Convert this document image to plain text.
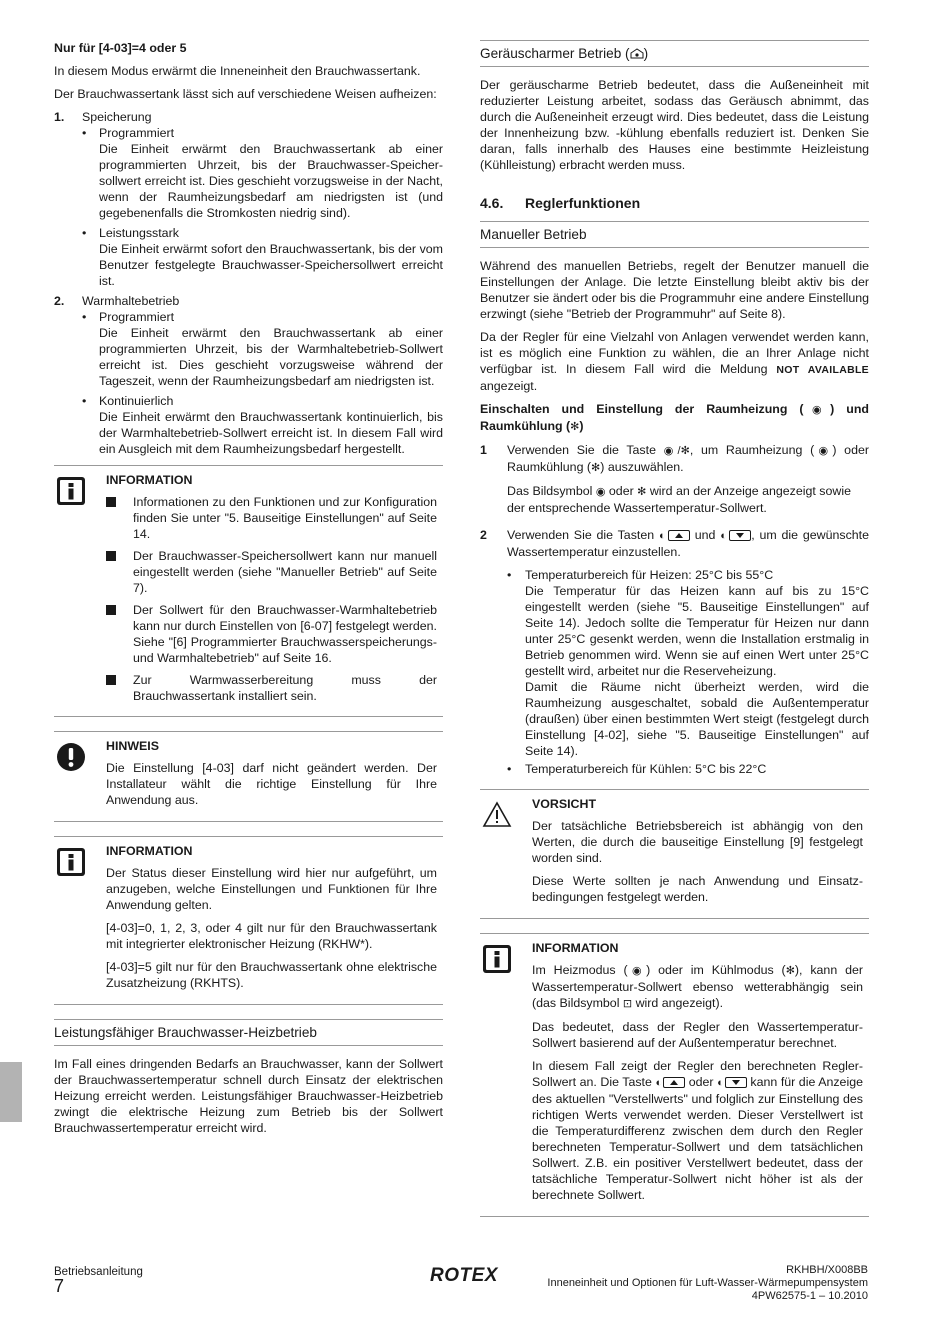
Nur für [4-03]=4 oder 5

In diesem Modus erwärmt die Inneneinheit den Brauchwassertank.

Der Brauchwassertank lässt sich auf verschiedene Weisen aufheizen:

1.	Speicherung
•	Programmiert
Die Einheit erwärmt den Brauchwassertank ab einer programmierten Uhrzeit, bis der Brauchwasser-Speicher-sollwert erreicht ist. Dies geschieht vorzugsweise in der Nacht, wenn der Raumheizungsbedarf am niedrigsten ist (und gegebenenfalls die Stromkosten niedrig sind).
•	Leistungsstark
Die Einheit erwärmt sofort den Brauchwassertank, bis der vom Benutzer festgelegte Brauchwasser-Speichersollwert erreicht ist.
2.	Warmhaltebetrieb
•	Programmiert
Die Einheit erwärmt den Brauchwassertank ab einer programmierten Uhrzeit, bis der Warmhaltebetrieb-Sollwert erreicht ist. Dies geschieht vorzugsweise während der Tageszeit, wenn der Raumheizungsbedarf am niedrigsten ist.
•	Kontinuierlich
Die Einheit erwärmt den Brauchwassertank kontinuierlich, bis der Warmhaltebetrieb-Sollwert erreicht ist. In diesem Fall wird ein Ausgleich mit dem Raumheizungsbedarf hergestellt.
INFORMATION
Informationen zu den Funktionen und zur Konfiguration finden Sie unter "5. Bauseitige Einstellungen" auf Seite 14.
Der Brauchwasser-Speichersollwert kann nur manuell eingestellt werden (siehe "Manueller Betrieb" auf Seite 7).
Der Sollwert für den Brauchwasser-Warmhaltebetrieb kann nur durch Einstellen von [6-07] festgelegt werden. Siehe "[6] Programmierter Brauchwasserspeicherungs- und Warmhaltebetrieb" auf Seite 16.
Zur Warmwasserbereitung muss der Brauchwassertank installiert sein.
HINWEIS

Die Einstellung [4-03] darf nicht geändert werden. Der Installateur wählt die richtige Einstellung für Ihre Anwendung aus.

INFORMATION

Der Status dieser Einstellung wird hier nur aufgeführt, um anzugeben, welche Einstellungen und Funktionen für Ihre Anwendung gelten.

[4-03]=0, 1, 2, 3, oder 4 gilt nur für den Brauchwassertank mit integrierter elektronischer Heizung (RKHW*).

[4-03]=5 gilt nur für den Brauchwassertank ohne elektrische Zusatzheizung (RKHTS).

Leistungsfähiger Brauchwasser-Heizbetrieb

Im Fall eines dringenden Bedarfs an Brauchwasser, kann der Sollwert der Brauchwassertemperatur schnell durch Einsatz der elektrischen Heizung erreicht werden. Leistungsfähiger Brauchwasser-Heizbetrieb zwingt die elektrische Heizung zum Betrieb bis der Sollwert Brauchwassertemperatur erreicht wird.

Geräuscharmer Betrieb ( )

Der geräuscharme Betrieb bedeutet, dass die Außeneinheit mit reduzierter Leistung arbeitet, sodass das Geräusch abnimmt, das durch die Außeneinheit erzeugt wird. Dies bedeutet, dass die Leistung der Innenheizung bzw. -kühlung ebenfalls reduziert ist. Denken Sie daran, falls innerhalb des Hauses eine bestimmte Heizleistung (Kühlleistung) erbracht werden muss.

4.6. Reglerfunktionen
Manueller Betrieb

Während des manuellen Betriebs, regelt der Benutzer manuell die Einstellungen der Anlage. Die letzte Einstellung bleibt aktiv bis der Benutzer sie ändert oder bis die Programmuhr eine andere Einstellung erzwingt (siehe "Betrieb der Programmuhr" auf Seite 8).

Da der Regler für eine Vielzahl von Anlagen verwendet werden kann, ist es möglich eine Funktion zu wählen, die an Ihrer Anlage nicht verfügbar ist. In diesem Fall wird die Meldung NOT AVAILABLE angezeigt.

Einschalten und Einstellung der Raumheizung (◉) und Raumkühlung (✻)

1	Verwenden Sie die Taste ◉/✻, um Raumheizung (◉) oder Raumkühlung (✻) auszuwählen.

Das Bildsymbol ◉ oder ✻ wird an der Anzeige angezeigt sowie der entsprechende Wassertemperatur-Sollwert.

2	Verwenden Sie die Tasten ◐ und ◐ , um die gewünschte Wassertemperatur einzustellen.

•	Temperaturbereich für Heizen: 25°C bis 55°C
Die Temperatur für das Heizen kann auf bis zu 15°C eingestellt werden (siehe "5. Bauseitige Einstellungen" auf Seite 14). Jedoch sollte die Temperatur für Heizen nur dann unter 25°C gesenkt werden, wenn die Installation erstmalig in Betrieb genommen wird. Wenn sie auf einen Wert unter 25°C gestellt wird, arbeitet nur die Reserveheizung.
Damit die Räume nicht überheizt werden, wird die Raumheizung ausgeschaltet, sobald die Außentemperatur (draußen) über einen bestimmten Wert steigt (festgelegt durch Einstellung [4-02], siehe "5. Bauseitige Einstellungen" auf Seite 14).
•	Temperaturbereich für Kühlen: 5°C bis 22°C
VORSICHT

Der tatsächliche Betriebsbereich ist abhängig von den Werten, die durch die bauseitige Einstellung [9] festgelegt worden sind.

Diese Werte sollten je nach Anwendung und Einsatz-bedingungen festgelegt werden.

INFORMATION

Im Heizmodus (◉) oder im Kühlmodus (✻), kann der Wassertemperatur-Sollwert ebenso wetterabhängig sein (das Bildsymbol ⊡ wird angezeigt).

Das bedeutet, dass der Regler den Wassertemperatur-Sollwert basierend auf der Außentemperatur berechnet.

In diesem Fall zeigt der Regler den berechneten Regler-Sollwert an. Die Taste ◐ oder ◐ kann für die Anzeige des aktuellen "Verstellwerts" und folglich zur Einstellung des richtigen Werts verwendet werden. Dieser Verstellwert ist die Temperaturdifferenz zwischen dem durch den Regler berechneten Temperatur-Sollwert und dem tatsächlichen Sollwert. Z.B. ein positiver Verstellwert bedeutet, dass der tatsächliche Temperatur-Sollwert nicht höher ist als der berechnete Sollwert.

Betriebsanleitung
7	ROTEX	RKHBH/X008BB
Inneneinheit und Optionen für Luft-Wasser-Wärmepumpensystem
4PW62575-1 – 10.2010
